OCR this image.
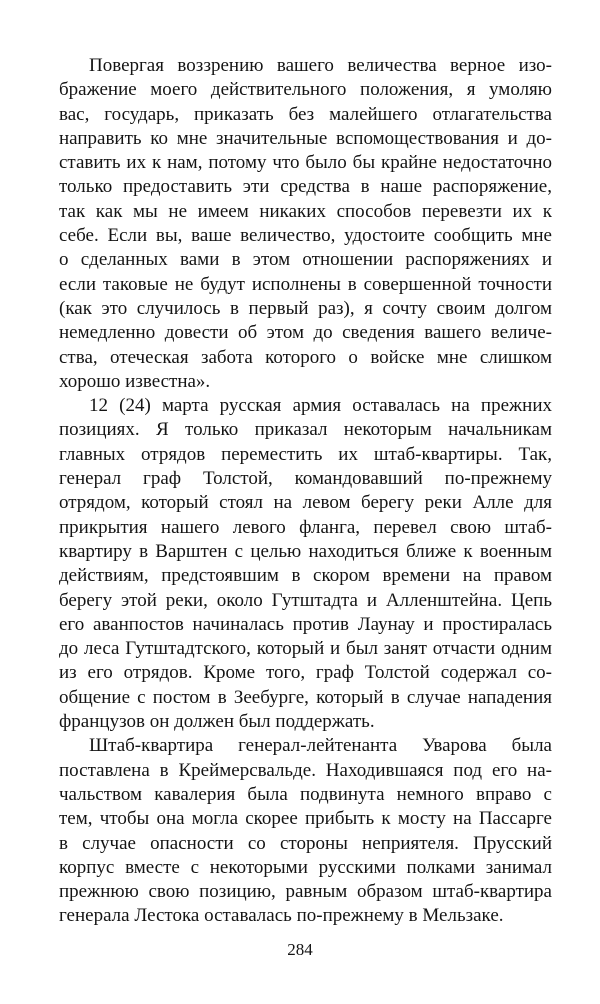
Повергая воззрению вашего величества верное изо-
бражение моего действительного положения, я умоляю
вас, государь, приказать без малейшего отлагательства
направить ко мне значительные вспомоществования и до-
ставить их к нам, потому что было бы крайне недостаточно
только предоставить эти средства в наше распоряжение,
так как мы не имеем никаких способов перевезти их к
себе. Если вы, ваше величество, удостоите сообщить мне
о сделанных вами в этом отношении распоряжениях и
если таковые не будут исполнены в совершенной точности
(как это случилось в первый раз), я сочту своим долгом
немедленно довести об этом до сведения вашего величе-
ства, отеческая забота которого о войске мне слишком
хорошо известна».

12 (24) марта русская армия оставалась на прежних
позициях. Я только приказал некоторым начальникам
главных отрядов переместить их штаб-квартиры. Так,
генерал граф Толстой, командовавший по-прежнему
отрядом, который стоял на левом берегу реки Алле для
прикрытия нашего левого фланга, перевел свою штаб-
квартиру в Варштен с целью находиться ближе к военным
действиям, предстоявшим в скором времени на правом
берегу этой реки, около Гутштадта и Алленштейна. Цепь
его аванпостов начиналась против Лаунау и простиралась
до леса Гутштадтского, который и был занят отчасти одним
из его отрядов. Кроме того, граф Толстой содержал со-
общение с постом в Зеебурге, который в случае нападения
французов он должен был поддержать.

Штаб-квартира генерал-лейтенанта Уварова была
поставлена в Креймерсвальде. Находившаяся под его на-
чальством кавалерия была подвинута немного вправо с
тем, чтобы она могла скорее прибыть к мосту на Пассарге
в случае опасности со стороны неприятеля. Прусский
корпус вместе с некоторыми русскими полками занимал
прежнюю свою позицию, равным образом штаб-квартира
генерала Лестока оставалась по-прежнему в Мельзаке.

284
